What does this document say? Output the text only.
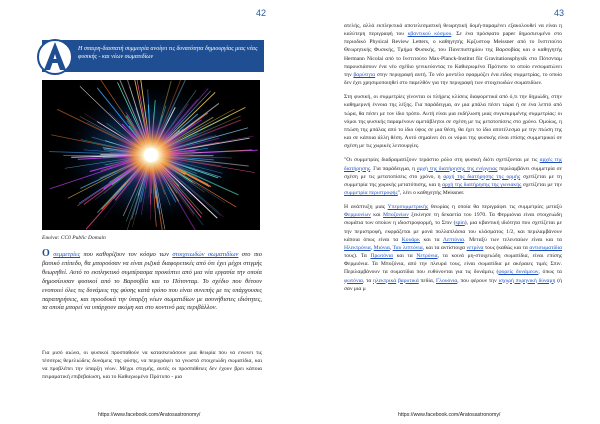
42
Η σπαιρη-διαστατή συμμετρία ανοίγει τις δυνατότητα δημιουργίας μιας νέας φυσικής - και νέων σωματιδίων
Εικόνα: CC0 Public Domain
Ο σεμμετρίες που καθορίζουν τον κόσμο των στοιχειωδών σωματιδίων στο πιο βασικό επίπεδο, θα μπορούσαν να είναι ριζικά διαφορετικές από ότι έχει μέχρι στιγμής θεωρηθεί. Αυτό το εκπληκτικό συμπέρασμα προκύπτει από μια νέα εργασία την οποία δημοσίευσαν φυσικοί από το Βαρσοβία και το Πότσνταμ. Το σχέδιο που θέτουν ενοποιεί όλες τις δυνάμεις της φύσης κατά τρόπο που είναι συνεπής με τις υπάρχουσες παρατηρήσεις, και προοδοκά την ύπαρξη νέων σωματιδίων με ασυνήθιστες ιδιότητες, τα οποία μπορεί να υπάρχουν ακόμη και στο κοντινό μας περιβάλλον.
Για μισό αιώνα, οι φυσικοί προσπαθούν να κατασκευάσουν μια θεωρία που να ενωνει τις τέσσερις θεμελιώδεις δυνάμεις της φύσης, να περιγράφει τα γνωστά στοιχειώδη σωματίδια, και να προβλέπει την ύπαρξη νέων. Μέχρι στιγμής, αυτές οι προσπάθειες δεν έχουν βρει κάποια πειραματική επιβεβαίωση, και το Καθιερωμένο Πρότυπο - μια
https://www.facebook.com/Aratosastronomy/
43

ατελής, αλλά εκπληκτικά αποτελεσματική θεωρητική δομή-παραμένει εξακολουθεί να είναι η καλύτερη περιγραφή του κβαντικού κόσμου. Σε ένα πρόσφατο paper δημοσιευμένο στο περιοδικό Physical Review Letters, ο καθηγητής Κρζυστοφ Meissner από το Ινστιτούτο Θεωρητικής Φυσικής, Τμήμα Φυσικής, του Πανεπιστημίου της Βαρσοβίας και ο καθηγητής Hermann Nicolai από το Ινστιτούτο Max-Planck-Institut für Gravitationsphysik στο Πότσνταμ παρουσιάσουν ένα νέο σχέδιο γενικεύοντας το Καθιερωμένο Πρότυπο το οποίο ενσωματώνει την βαρύτητα στην περιγραφή αυτή. Το νέο μοντέλο εφαρμόζει ένα είδος συμμετρίας, το οποίο δεν έχει χρησιμοποιηθεί στο παρελθόν για την περιγραφή των στοιχειωδών σωματιδίων.

Στη φυσική, οι συμμετρίες γίνονται οι πλήρεις κλίσεις διαφορετικά από ό,τι την δημιώδη, στην καθημερινή έννοια της λέξης. Για παράδειγμα, αν μια μπάλα πέσει τώρα ή σε ένα λεπτό από τώρα, θα πέσει με τον ίδιο τρόπο. Αυτή είναι μια εκδήλωση μιας συγκεκριμένης συμμετρίας: οι νόμοι της φυσικής παραμένουν αμετάβλητοι σε σχέση με τις μετατοπίσεις στο χρόνο. Ομοίως, η πτώση της μπάλας από το ίδιο ύψος σε μια θέση, θα έχει το ίδιο αποτέλεσμα με την πτώση της και σε κάποια άλλη θέση. Αυτό σημαίνει ότι οι νόμοι της φυσικής είναι επίσης συμμετρικοί σε σχέση με τις χωρικές λειτουργίες.

"Οι συμμετρίες διαδραματίζουν τεράστιο ρόλο στη φυσική διότι σχετίζονται με τις αρχές της διατήρησης. Για παράδειγμα, η αρχή της διατήρησης της ενέργειας περιλαμβάνει συμμετρία σε σχέση με τις μετατοπίσεις στο χρόνο, η αρχή της διατήρησης της ορμής σχετίζεται με τη συμμετρία της χωρικής μετατόπισης, και η αρχή της διατήρησης της γωνιακής σχετίζεται με την συμμετρία περιστροφής", λέει ο καθηγητής Meissner.

Η ανάπτυξη μιας Υπερσυμμετρικής θεωρίας η οποία θα περιγράφει τις συμμετρίες μεταξύ Φερμιονίων και Μποζονίων ξεκίνησε τη δεκαετία του 1970. Τα Φερμιόνια είναι στοιχειώδη σωμάτια των οποίων η ιδιοστροφορμή, το Σπιν (spin), μια κβαντική ιδιότητα που σχετίζεται με την περιστροφή, εκφράζεται με μονά πολλαπλάσια του κλάσματος 1/2, και περιλαμβάνουν κάποια όπως είναι τα Κουάρκ και τα Λεπτόνια. Μεταξύ των τελευταίων είναι και τα Ηλεκτρόνια, Μιόνια, Ταυ λεπτόνια, και τα αντίστοιχα νετρίνα τους (καθώς και τα αντισωματίδια τους). Τα Πρωτόνια και τα Νετρόνια, τα κοινά μη-στοιχειώδη σωματίδια, είναι επίσης Φερμιόνια. Τα Μποζόνια, από την πλευρά τους, είναι σωματίδια με ακέραιες τιμές Σπιν. Περιλαμβάνουν τα σωματίδια που ευθύνονται για τις δυνάμεις (φορείς δυνάμεων, όπως τα φωτόνια, τα ηλεκτρικά βαρυτικά πεδία, Γλουόνια, που φέρουν την ισχυρή πυρηνική δύναμη (ή σαν μια μ

https://www.facebook.com/Aratosastronomy/
